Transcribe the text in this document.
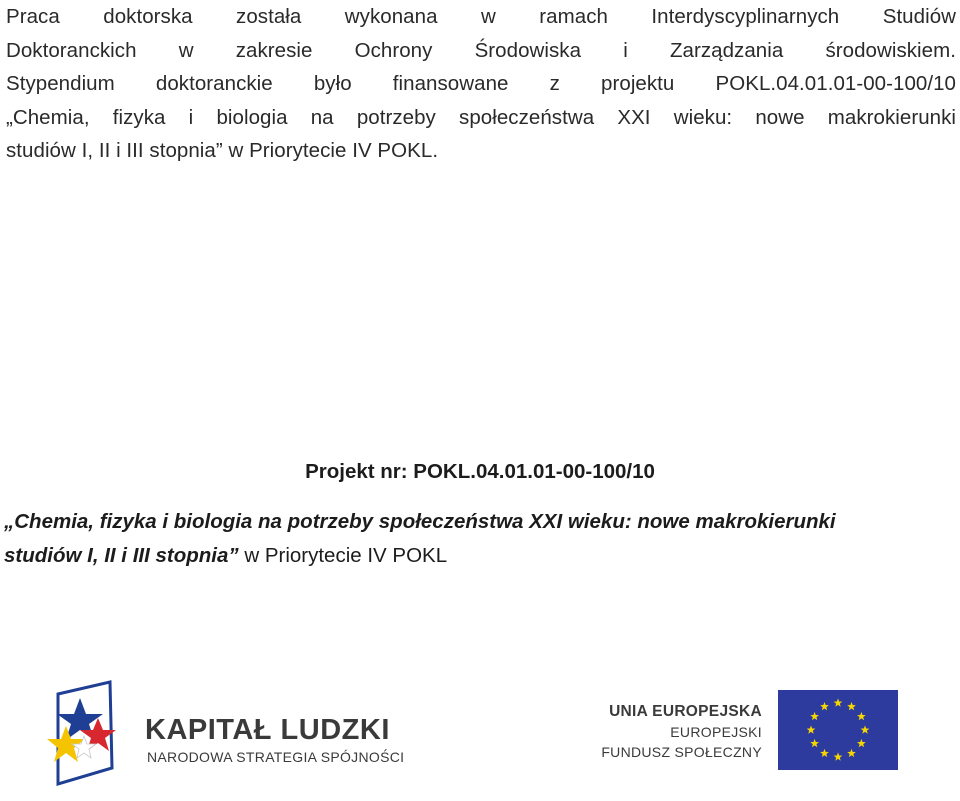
Praca doktorska została wykonana w ramach Interdyscyplinarnych Studiów
Doktoranckich w zakresie Ochrony Środowiska i Zarządzania środowiskiem.
Stypendium doktoranckie było finansowane z projektu POKL.04.01.01-00-100/10
„Chemia, fizyka i biologia na potrzeby społeczeństwa XXI wieku: nowe makrokierunki
studiów I, II i III stopnia” w Priorytecie IV POKL.
Projekt nr: POKL.04.01.01-00-100/10
„Chemia, fizyka i biologia na potrzeby społeczeństwa XXI wieku: nowe makrokierunki
studiów I, II i III stopnia” w Priorytecie IV POKL
KAPITAŁ LUDZKI
NARODOWA STRATEGIA SPÓJNOŚCI
UNIA EUROPEJSKA
EUROPEJSKI
FUNDUSZ SPOŁECZNY
